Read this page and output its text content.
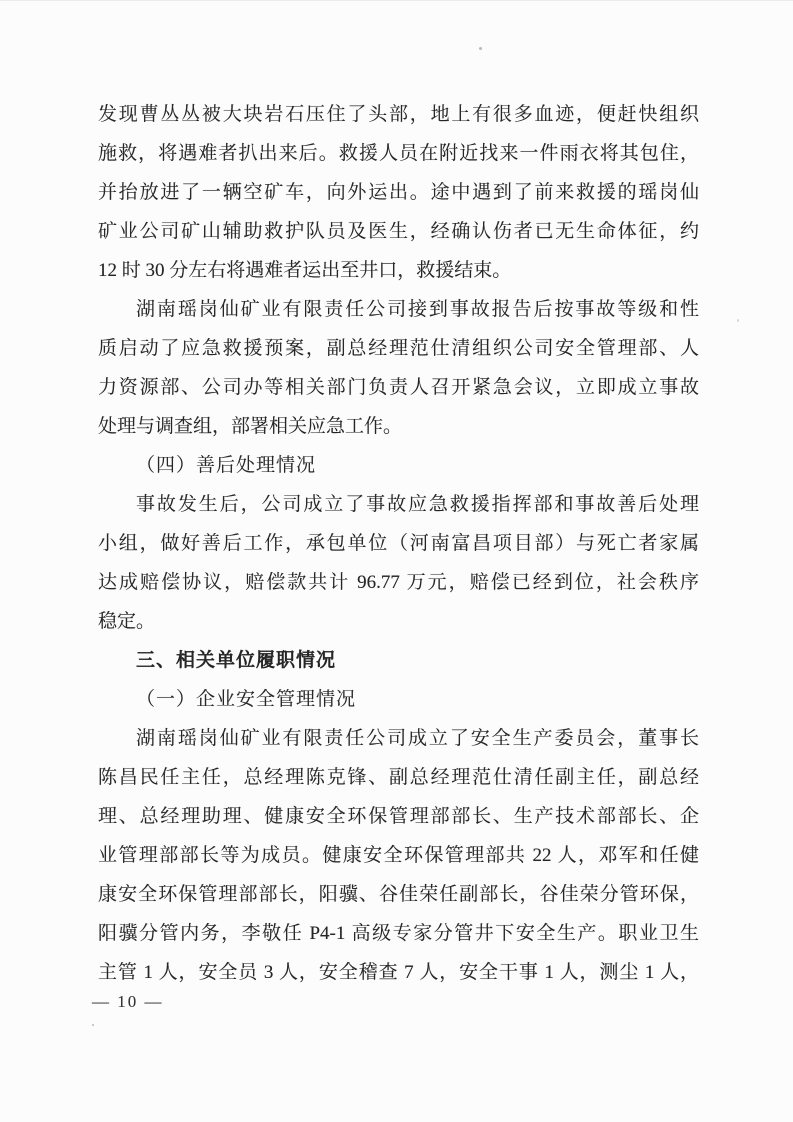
发现曹丛丛被大块岩石压住了头部，地上有很多血迹，便赶快组织
施救，将遇难者扒出来后。救援人员在附近找来一件雨衣将其包住，
并抬放进了一辆空矿车，向外运出。途中遇到了前来救援的瑶岗仙
矿业公司矿山辅助救护队员及医生，经确认伤者已无生命体征，约
12 时 30 分左右将遇难者运出至井口，救援结束。
湖南瑶岗仙矿业有限责任公司接到事故报告后按事故等级和性
质启动了应急救援预案，副总经理范仕清组织公司安全管理部、人
力资源部、公司办等相关部门负责人召开紧急会议，立即成立事故
处理与调查组，部署相关应急工作。
（四）善后处理情况
事故发生后，公司成立了事故应急救援指挥部和事故善后处理
小组，做好善后工作，承包单位（河南富昌项目部）与死亡者家属
达成赔偿协议，赔偿款共计 96.77 万元，赔偿已经到位，社会秩序
稳定。
三、相关单位履职情况
（一）企业安全管理情况
湖南瑶岗仙矿业有限责任公司成立了安全生产委员会，董事长
陈昌民任主任，总经理陈克锋、副总经理范仕清任副主任，副总经
理、总经理助理、健康安全环保管理部部长、生产技术部部长、企
业管理部部长等为成员。健康安全环保管理部共 22 人，邓军和任健
康安全环保管理部部长，阳骥、谷佳荣任副部长，谷佳荣分管环保，
阳骥分管内务，李敬任 P4-1 高级专家分管井下安全生产。职业卫生
主管 1 人，安全员 3 人，安全稽查 7 人，安全干事 1 人，测尘 1 人，
— 10 —
